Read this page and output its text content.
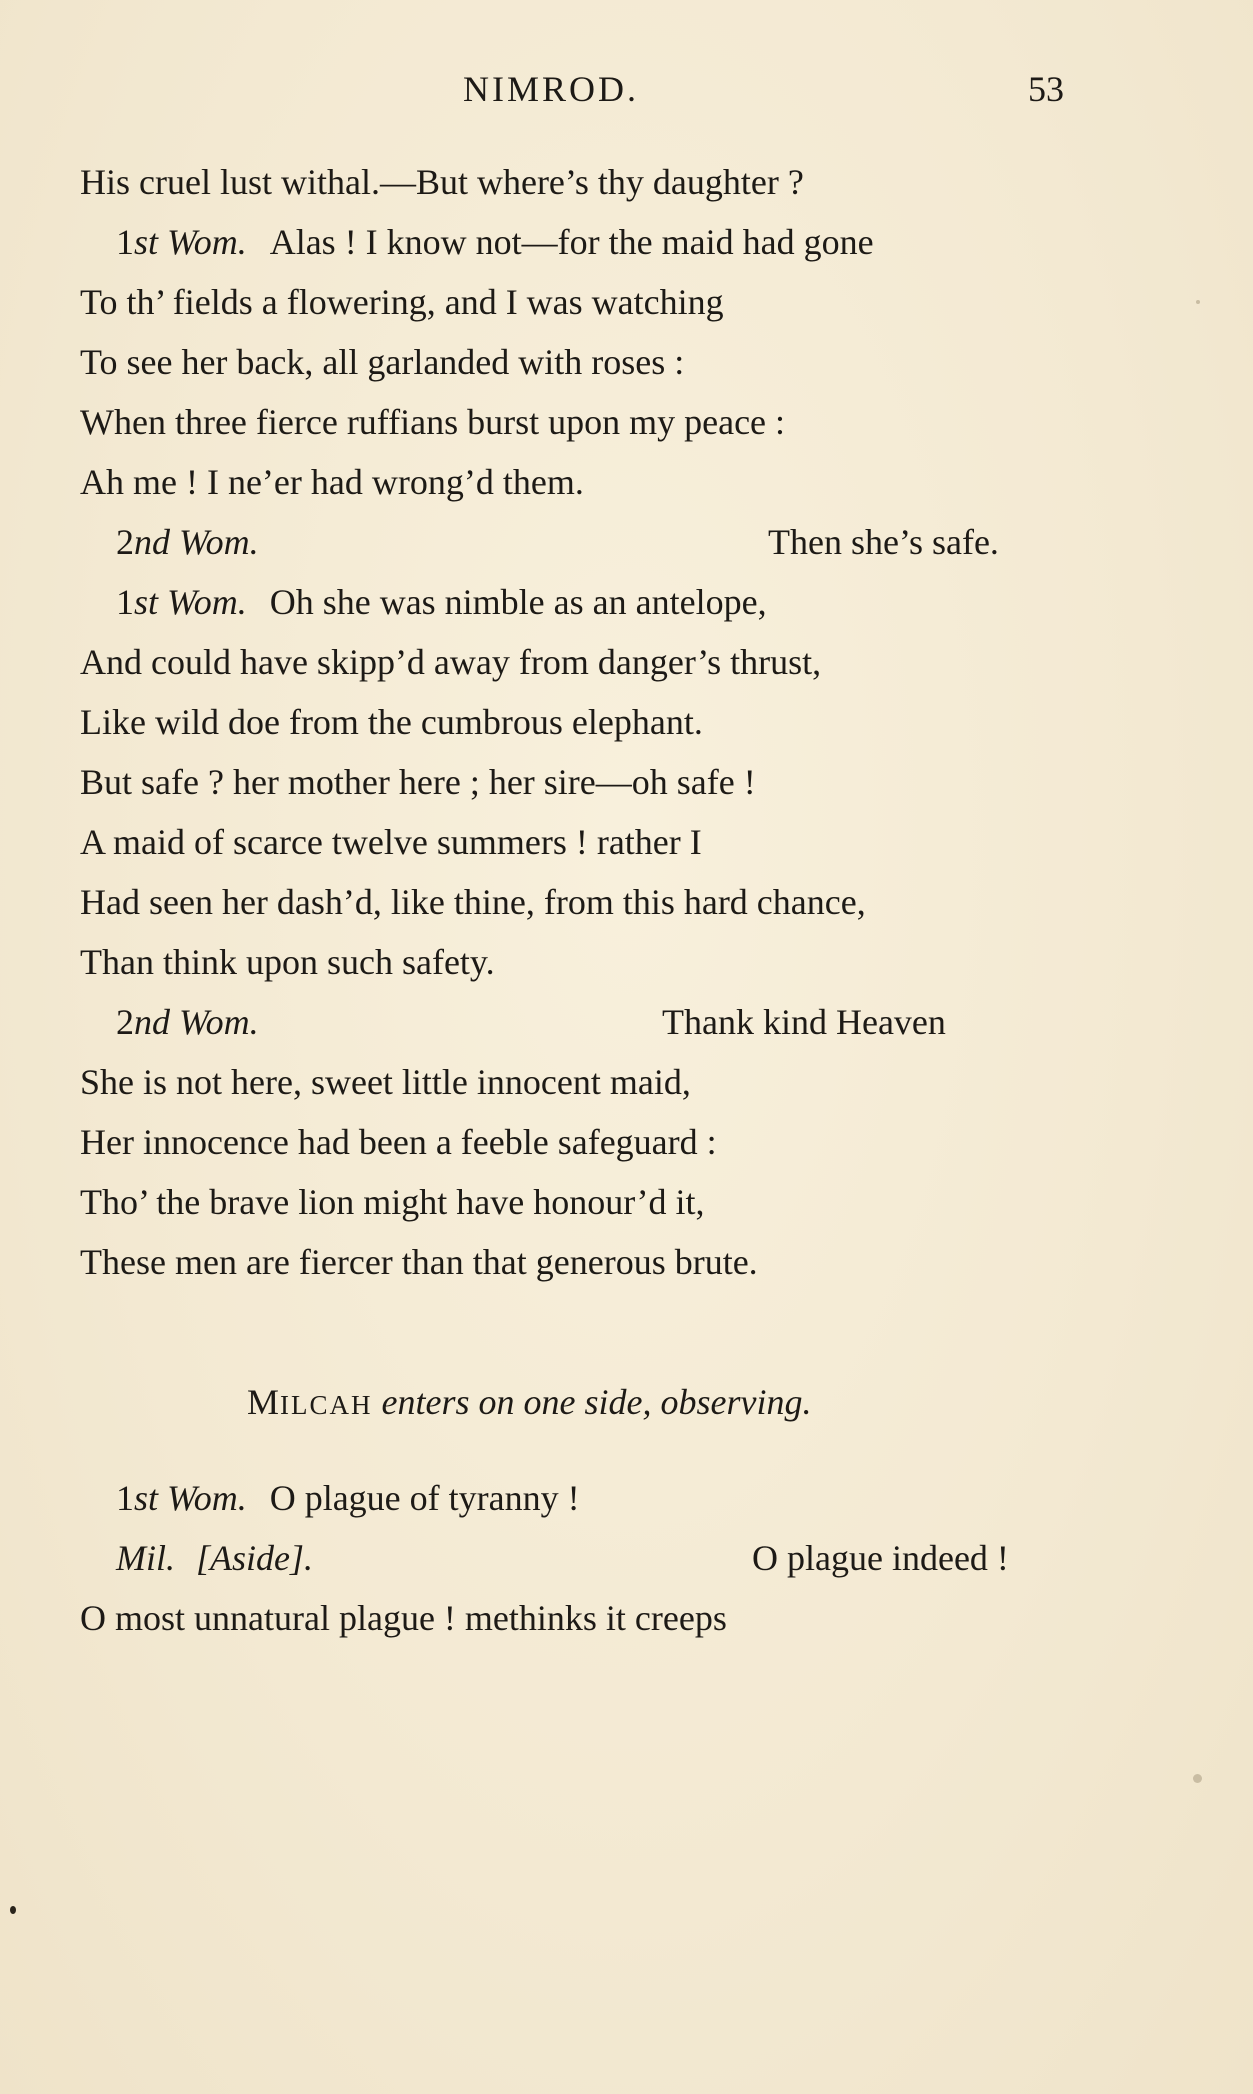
NIMROD.	53
His cruel lust withal.—But where’s thy daughter ?
1st Wom. Alas ! I know not—for the maid had gone
To th’ fields a flowering, and I was watching
To see her back, all garlanded with roses :
When three fierce ruffians burst upon my peace :
Ah me ! I ne’er had wrong’d them.
2nd Wom.	Then she’s safe.
1st Wom. Oh she was nimble as an antelope,
And could have skipp’d away from danger’s thrust,
Like wild doe from the cumbrous elephant.
But safe ? her mother here ; her sire—oh safe !
A maid of scarce twelve summers ! rather I
Had seen her dash’d, like thine, from this hard chance,
Than think upon such safety.
2nd Wom.	Thank kind Heaven
She is not here, sweet little innocent maid,
Her innocence had been a feeble safeguard :
Tho’ the brave lion might have honour’d it,
These men are fiercer than that generous brute.
MILCAH enters on one side, observing.
1st Wom. O plague of tyranny !
Mil. [Aside].	O plague indeed !
O most unnatural plague ! methinks it creeps
